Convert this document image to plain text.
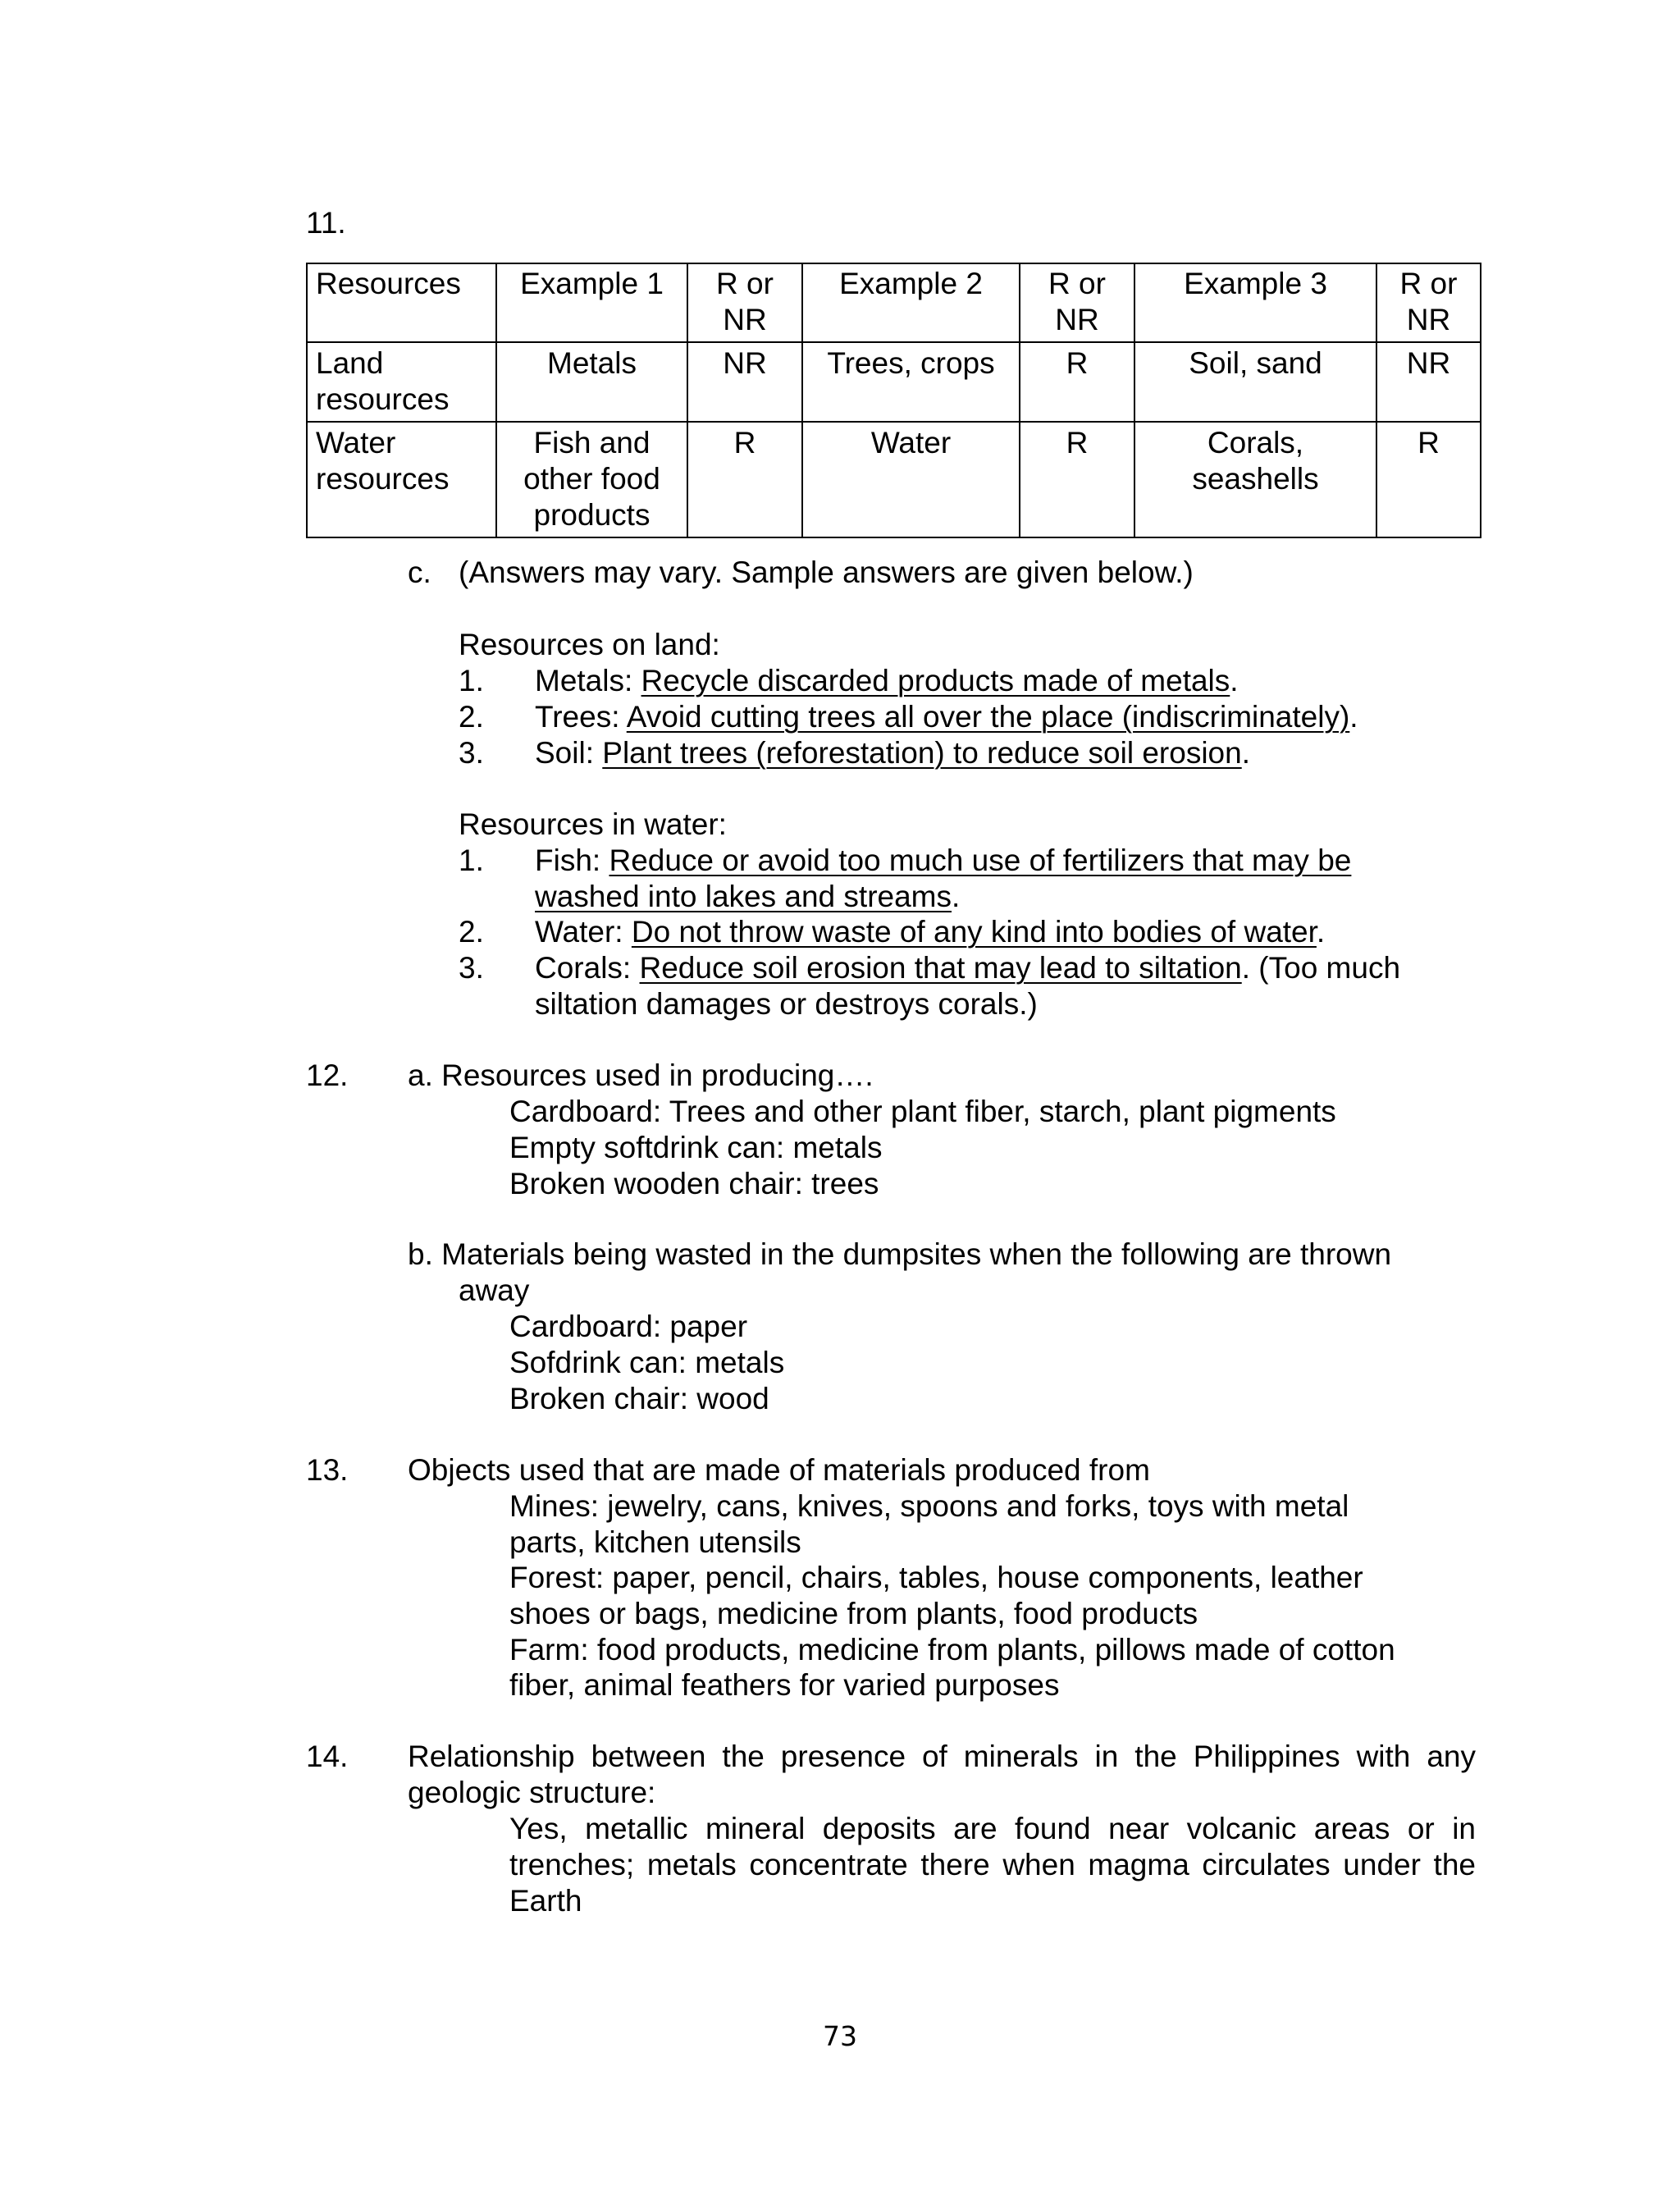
11.
Resources	Example 1	R or NR	Example 2	R or NR	Example 3	R or NR
Land resources	Metals	NR	Trees, crops	R	Soil, sand	NR
Water resources	Fish and other food products	R	Water	R	Corals, seashells	R
c. (Answers may vary. Sample answers are given below.)
Resources on land:
1. Metals: Recycle discarded products made of metals.
2. Trees: Avoid cutting trees all over the place (indiscriminately).
3. Soil: Plant trees (reforestation) to reduce soil erosion.
Resources in water:
1. Fish: Reduce or avoid too much use of fertilizers that may be
washed into lakes and streams.
2. Water: Do not throw waste of any kind into bodies of water.
3. Corals: Reduce soil erosion that may lead to siltation. (Too much
siltation damages or destroys corals.)
12. a. Resources used in producing….
Cardboard: Trees and other plant fiber, starch, plant pigments
Empty softdrink can: metals
Broken wooden chair: trees
b. Materials being wasted in the dumpsites when the following are thrown
away
Cardboard: paper
Sofdrink can: metals
Broken chair: wood
13. Objects used that are made of materials produced from
Mines: jewelry, cans, knives, spoons and forks, toys with metal
parts, kitchen utensils
Forest: paper, pencil, chairs, tables, house components, leather
shoes or bags, medicine from plants, food products
Farm: food products, medicine from plants, pillows made of cotton
fiber, animal feathers for varied purposes
14. Relationship between the presence of minerals in the Philippines with any
geologic structure:
Yes, metallic mineral deposits are found near volcanic areas or in
trenches; metals concentrate there when magma circulates under the
Earth
73
